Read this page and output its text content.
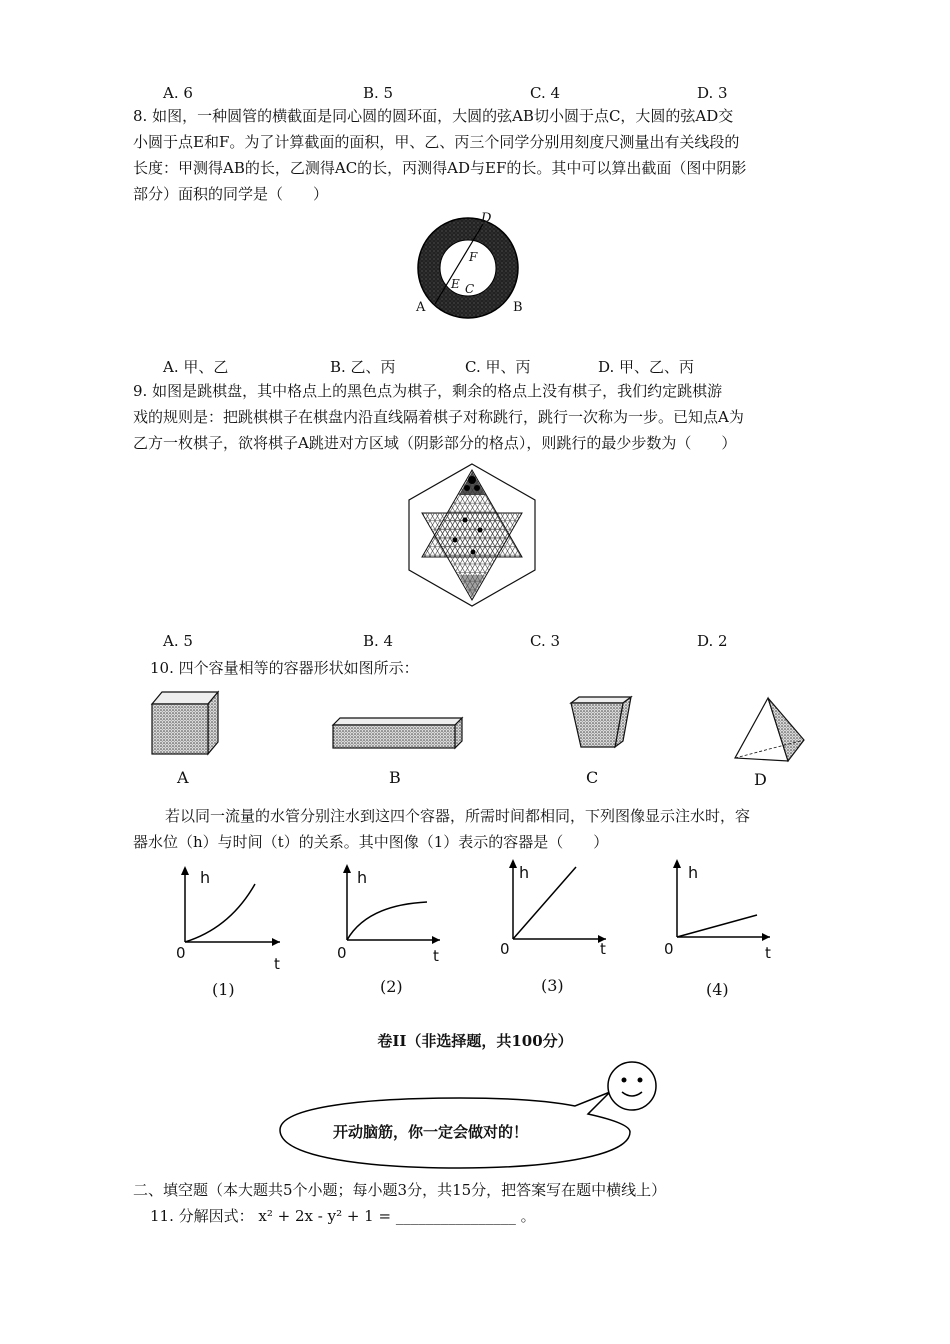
A. 6	B. 5	C. 4	D. 3
8. 如图，一种圆管的横截面是同心圆的圆环面，大圆的弦AB切小圆于点C，大圆的弦AD交
小圆于点E和F。为了计算截面的面积，甲、乙、丙三个同学分别用刻度尺测量出有关线段的
长度：甲测得AB的长，乙测得AC的长，丙测得AD与EF的长。其中可以算出截面（图中阴影
部分）面积的同学是（　　）
D
F
E C
A	B
A. 甲、乙	B. 乙、丙	C. 甲、丙	D. 甲、乙、丙
9. 如图是跳棋盘，其中格点上的黑色点为棋子，剩余的格点上没有棋子，我们约定跳棋游
戏的规则是：把跳棋棋子在棋盘内沿直线隔着棋子对称跳行，跳行一次称为一步。已知点A为
乙方一枚棋子，欲将棋子A跳进对方区域（阴影部分的格点），则跳行的最少步数为（　　）
A. 5	B. 4	C. 3	D. 2
10. 四个容量相等的容器形状如图所示：
A	B	C	D
若以同一流量的水管分别注水到这四个容器，所需时间都相同，下列图像显示注水时，容
器水位（h）与时间（t）的关系。其中图像（1）表示的容器是（　　）
h
0
t
(1)
h
0	t
(2)
h
0	t
(3)
h
0	t
(4)
卷II（非选择题，共100分）
开动脑筋，你一定会做对的！
二、填空题（本大题共5个小题；每小题3分，共15分，把答案写在题中横线上）
11. 分解因式： x² + 2x - y² + 1 = ________________ 。
